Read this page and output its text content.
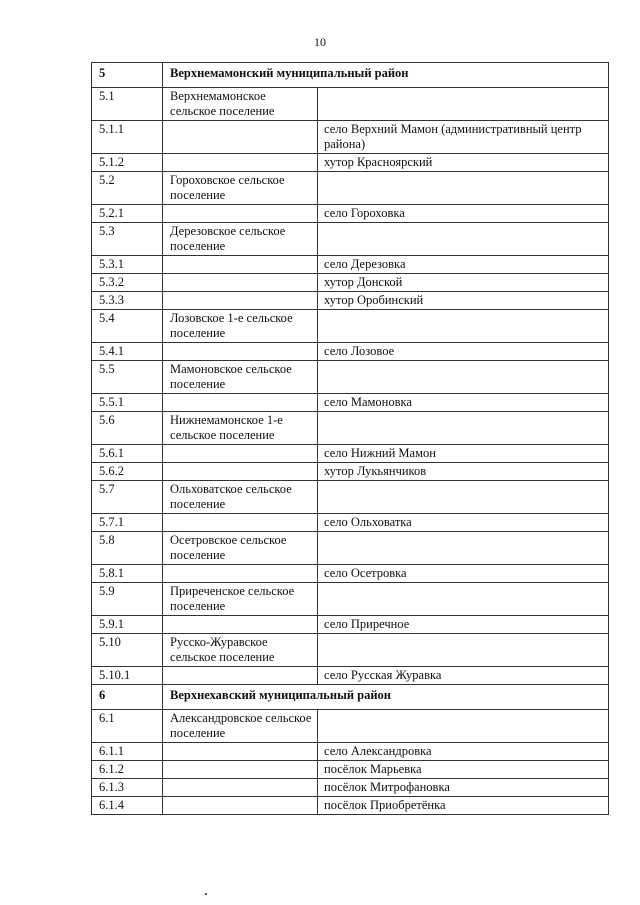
10
5	Верхнемамонский муниципальный район	
5.1	Верхнемамонское сельское поселение	
5.1.1		село Верхний Мамон (административный центр района)
5.1.2		хутор Красноярский
5.2	Гороховское сельское поселение	
5.2.1		село Гороховка
5.3	Дерезовское сельское поселение	
5.3.1		село Дерезовка
5.3.2		хутор Донской
5.3.3		хутор Оробинский
5.4	Лозовское 1-е сельское поселение	
5.4.1		село Лозовое
5.5	Мамоновское сельское поселение	
5.5.1		село Мамоновка
5.6	Нижнемамонское 1-е сельское поселение	
5.6.1		село Нижний Мамон
5.6.2		хутор Лукьянчиков
5.7	Ольховатское сельское поселение	
5.7.1		село Ольховатка
5.8	Осетровское сельское поселение	
5.8.1		село Осетровка
5.9	Приреченское сельское поселение	
5.9.1		село Приречное
5.10	Русско-Журавское сельское поселение	
5.10.1		село Русская Журавка
6	Верхнехавский муниципальный район	
6.1	Александровское сельское поселение	
6.1.1		село Александровка
6.1.2		посёлок Марьевка
6.1.3		посёлок Митрофановка
6.1.4		посёлок Приобретёнка
